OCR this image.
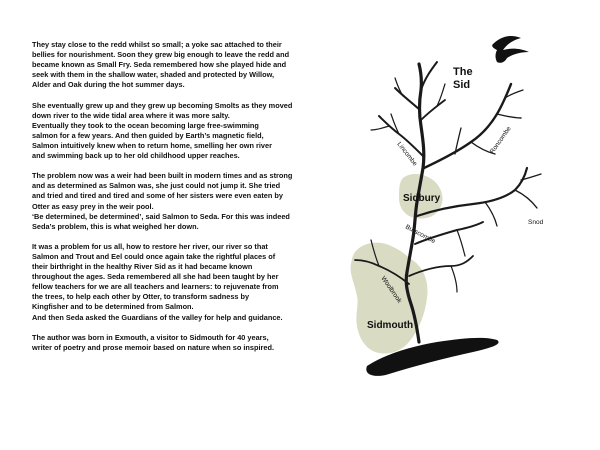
They stay close to the redd whilst so small; a yoke sac attached to their
bellies for nourishment. Soon they grew big enough to leave the redd and
became known as Small Fry. Seda remembered how she played hide and
seek with them in the shallow water, shaded and protected by Willow,
Alder and Oak during the hot summer days.

She eventually grew up and they grew up becoming Smolts as they moved
down river to the wide tidal area where it was more salty.
Eventually they took to the ocean becoming large free-swimming
salmon for a few years. And then guided by Earth’s magnetic field,
Salmon intuitively knew when to return home, smelling her own river
and swimming back up to her old childhood upper reaches.

The problem now was a weir had been built in modern times and as strong
and as determined as Salmon was, she just could not jump it. She tried
and tried and tired and tired and some of her sisters were even eaten by
Otter as easy prey in the weir pool.
‘Be determined, be determined’, said Salmon to Seda. For this was indeed
Seda’s problem, this is what weighed her down.

It was a problem for us all, how to restore her river, our river so that
Salmon and Trout and Eel could once again take the rightful places of
their birthright in the healthy River Sid as it had became known
throughout the ages. Seda remembered all she had been taught by her
fellow teachers for we are all teachers and learners: to rejuvenate from
the trees, to help each other by Otter, to transform sadness by
Kingfisher and to be determined from Salmon.
And then Seda asked the Guardians of the valley for help and guidance.

The author was born in Exmouth, a visitor to Sidmouth for 40 years,
writer of poetry and prose memoir based on nature when so inspired.

The
Sid
Sidbury
Sidmouth
Roncombe
Lincombe
Burscombe
Snod
Woolbrook
